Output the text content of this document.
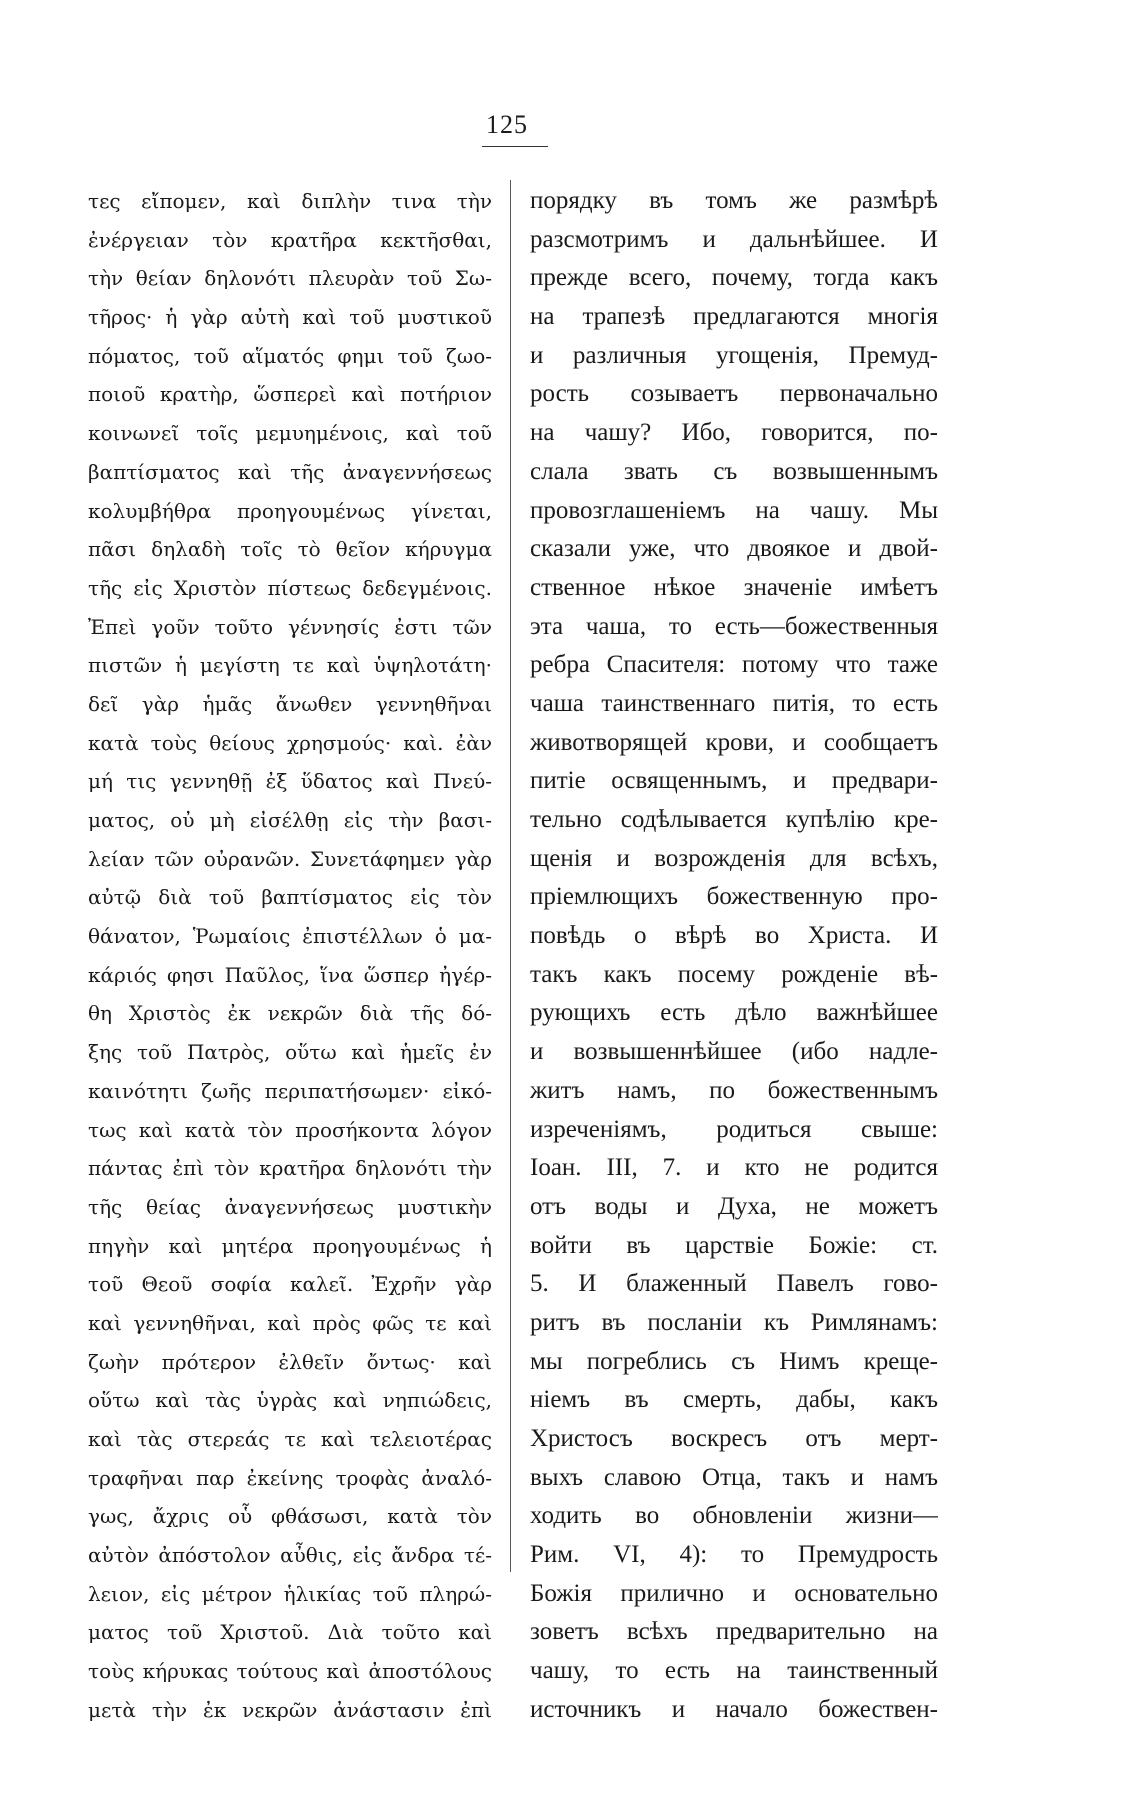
125
τες εἴπομεν, καὶ διπλὴν τινα τὴν
ἐνέργειαν τὸν κρατῆρα κεκτῆσθαι,
τὴν θείαν δηλονότι πλευρὰν τοῦ Σω-
τῆρος· ἡ γὰρ αὐτὴ καὶ τοῦ μυστικοῦ
πόματος, τοῦ αἵματός φημι τοῦ ζωο-
ποιοῦ κρατὴρ, ὥσπερεὶ καὶ ποτήριον
κοινωνεῖ τοῖς μεμυημένοις, καὶ τοῦ
βαπτίσματος καὶ τῆς ἀναγεννήσεως
κολυμβήθρα προηγουμένως γίνεται,
πᾶσι δηλαδὴ τοῖς τὸ θεῖον κήρυγμα
τῆς εἰς Χριστὸν πίστεως δεδεγμένοις.
Ἐπεὶ γοῦν τοῦτο γέννησίς ἐστι τῶν
πιστῶν ἡ μεγίστη τε καὶ ὑψηλοτάτη·
δεῖ γὰρ ἡμᾶς ἄνωθεν γεννηθῆναι
κατὰ τοὺς θείους χρησμούς· καὶ. ἐὰν
μή τις γεννηθῇ ἐξ ὕδατος καὶ Πνεύ-
ματος, οὐ μὴ εἰσέλθῃ εἰς τὴν βασι-
λείαν τῶν οὐρανῶν. Συνετάφημεν γὰρ
αὐτῷ διὰ τοῦ βαπτίσματος εἰς τὸν
θάνατον, Ῥωμαίοις ἐπιστέλλων ὁ μα-
κάριός φησι Παῦλος, ἵνα ὥσπερ ἠγέρ-
θη Χριστὸς ἐκ νεκρῶν διὰ τῆς δό-
ξης τοῦ Πατρὸς, οὕτω καὶ ἡμεῖς ἐν
καινότητι ζωῆς περιπατήσωμεν· εἰκό-
τως καὶ κατὰ τὸν προσήκοντα λόγον
πάντας ἐπὶ τὸν κρατῆρα δηλονότι τὴν
τῆς θείας ἀναγεννήσεως μυστικὴν
πηγὴν καὶ μητέρα προηγουμένως ἡ
τοῦ Θεοῦ σοφία καλεῖ. Ἐχρῆν γὰρ
καὶ γεννηθῆναι, καὶ πρὸς φῶς τε καὶ
ζωὴν πρότερον ἐλθεῖν ὄντως· καὶ
οὕτω καὶ τὰς ὑγρὰς καὶ νηπιώδεις,
καὶ τὰς στερεάς τε καὶ τελειοτέρας
τραφῆναι παρ ἐκείνης τροφὰς ἀναλό-
γως, ἄχρις οὗ φθάσωσι, κατὰ τὸν
αὐτὸν ἀπόστολον αὖθις, εἰς ἄνδρα τέ-
λειον, εἰς μέτρον ἡλικίας τοῦ πληρώ-
ματος τοῦ Χριστοῦ. Διὰ τοῦτο καὶ
τοὺς κήρυκας τούτους καὶ ἀποστόλους
μετὰ τὴν ἐκ νεκρῶν ἀνάστασιν ἐπὶ
порядку въ томъ же размѣрѣ
разсмотримъ и дальнѣйшее. И
прежде всего, почему, тогда какъ
на трапезѣ предлагаются многія
и различныя угощенія, Премуд-
рость созываетъ первоначально
на чашу? Ибо, говорится, по-
слала звать съ возвышеннымъ
провозглашеніемъ на чашу. Мы
сказали уже, что двоякое и двой-
ственное нѣкое значеніе имѣетъ
эта чаша, то есть—божественныя
ребра Спасителя: потому что таже
чаша таинственнаго питія, то есть
животворящей крови, и сообщаетъ
питіе освященнымъ, и предвари-
тельно содѣлывается купѣлію кре-
щенія и возрожденія для всѣхъ,
пріемлющихъ божественную про-
повѣдь о вѣрѣ во Христа. И
такъ какъ посему рожденіе вѣ-
рующихъ есть дѣло важнѣйшее
и возвышеннѣйшее (ибо надле-
житъ намъ, по божественнымъ
изреченіямъ, родиться свыше:
Іоан. III, 7. и кто не родится
отъ воды и Духа, не можетъ
войти въ царствіе Божіе: ст.
5. И блаженный Павелъ гово-
ритъ въ посланіи къ Римлянамъ:
мы погреблись съ Нимъ креще-
ніемъ въ смерть, дабы, какъ
Христосъ воскресъ отъ мерт-
выхъ славою Отца, такъ и намъ
ходить во обновленіи жизни—
Рим. VI, 4): то Премудрость
Божія прилично и основательно
зоветъ всѣхъ предварительно на
чашу, то есть на таинственный
источникъ и начало божествен-
